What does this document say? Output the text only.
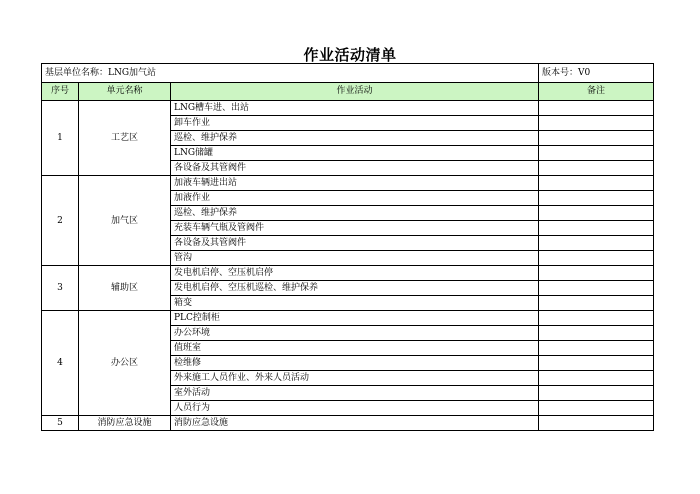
作业活动清单
基层单位名称：LNG加气站			版本号：V0
序号	单元名称	作业活动	备注
1	工艺区	LNG槽车进、出站	
		卸车作业	
		巡检、维护保养	
		LNG储罐	
		各设备及其管阀件	
2	加气区	加液车辆进出站	
		加液作业	
		巡检、维护保养	
		充装车辆气瓶及管阀件	
		各设备及其管阀件	
		管沟	
3	辅助区	发电机启停、空压机启停	
		发电机启停、空压机巡检、维护保养	
		箱变	
4	办公区	PLC控制柜	
		办公环境	
		值班室	
		检维修	
		外来施工人员作业、外来人员活动	
		室外活动	
		人员行为	
5	消防应急设施	消防应急设施	
